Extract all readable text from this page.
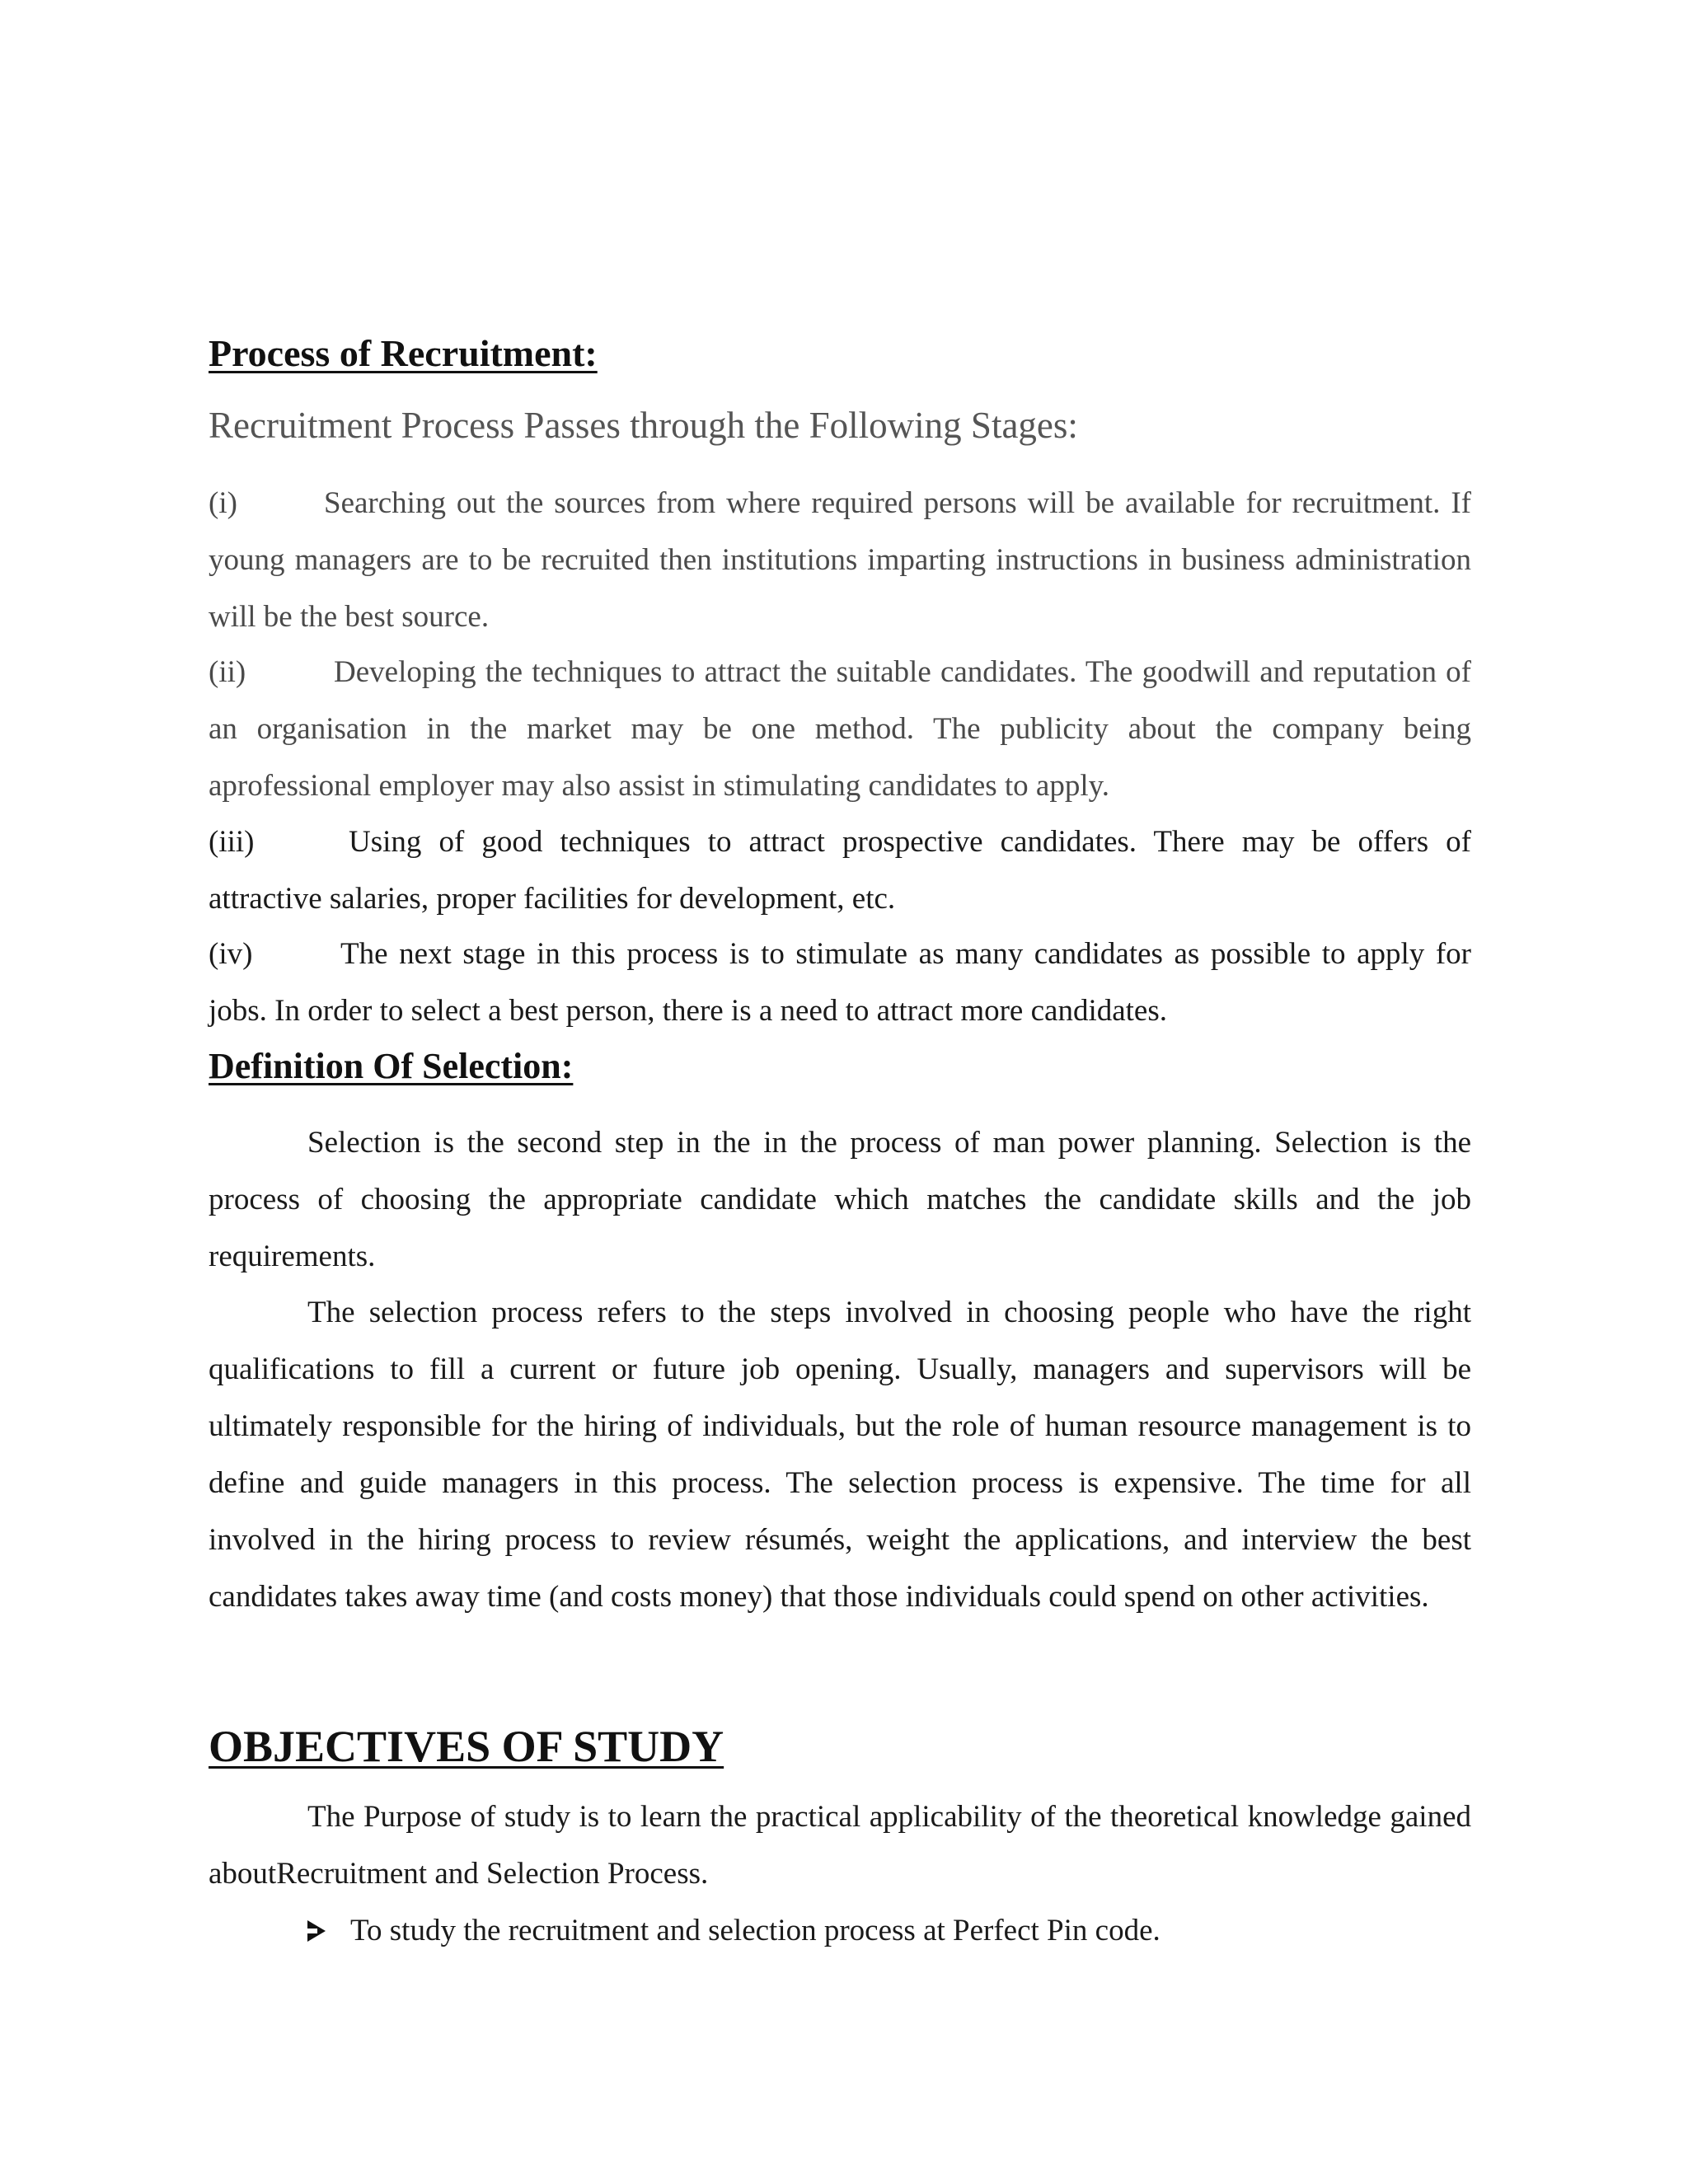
Process of Recruitment:

Recruitment Process Passes through the Following Stages:

(i)	Searching out the sources from where required persons will be available for recruitment. If young managers are to be recruited then institutions imparting instructions in business administration will be the best source.

(ii)	Developing the techniques to attract the suitable candidates. The goodwill and reputation of an organisation in the market may be one method. The publicity about the company being aprofessional employer may also assist in stimulating candidates to apply.

(iii)	Using of good techniques to attract prospective candidates. There may be offers of attractive salaries, proper facilities for development, etc.

(iv)	The next stage in this process is to stimulate as many candidates as possible to apply for jobs. In order to select a best person, there is a need to attract more candidates.

Definition Of Selection:

Selection is the second step in the in the process of man power planning. Selection is the process of choosing the appropriate candidate which matches the candidate skills and the job requirements.

The selection process refers to the steps involved in choosing people who have the right qualifications to fill a current or future job opening. Usually, managers and supervisors will be ultimately responsible for the hiring of individuals, but the role of human resource management is to define and guide managers in this process. The selection process is expensive. The time for all involved in the hiring process to review résumés, weight the applications, and interview the best candidates takes away time (and costs money) that those individuals could spend on other activities.

OBJECTIVES OF STUDY

The Purpose of study is to learn the practical applicability of the theoretical knowledge gained aboutRecruitment and Selection Process.

To study the recruitment and selection process at Perfect Pin code.
